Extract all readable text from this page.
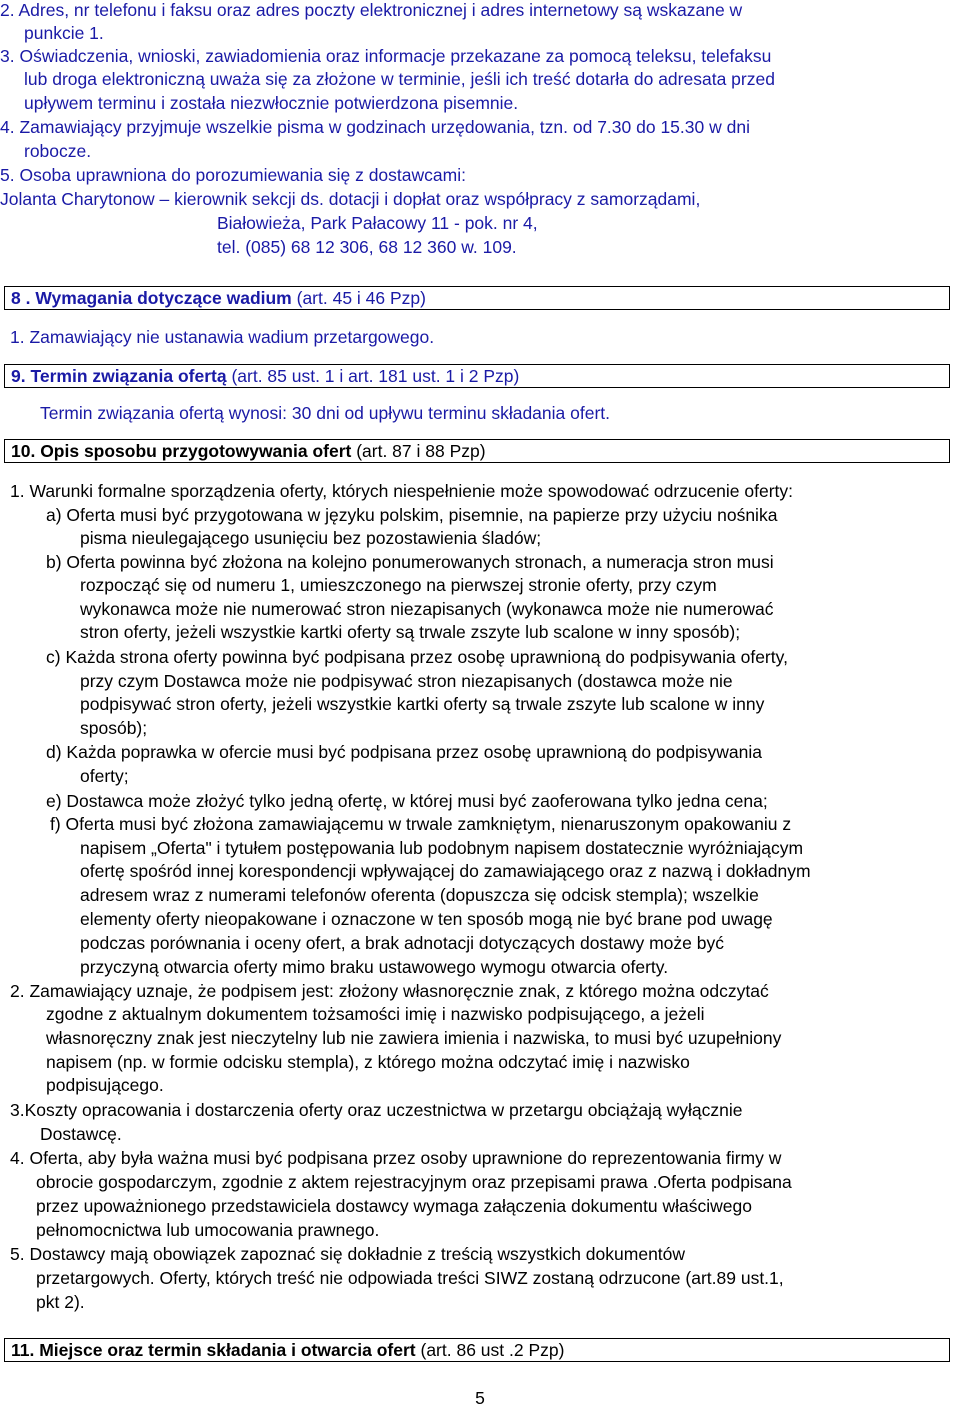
2. Adres, nr telefonu i faksu oraz adres poczty elektronicznej i adres internetowy są wskazane w
punkcie 1.
3. Oświadczenia, wnioski, zawiadomienia oraz informacje przekazane za pomocą teleksu, telefaksu
lub droga elektroniczną uważa się za złożone w terminie, jeśli ich treść dotarła do adresata przed
upływem terminu i została niezwłocznie potwierdzona pisemnie.
4. Zamawiający przyjmuje wszelkie pisma w godzinach urzędowania, tzn. od 7.30 do 15.30 w dni
robocze.
5. Osoba uprawniona do porozumiewania się z dostawcami:
Jolanta Charytonow – kierownik sekcji ds. dotacji i dopłat oraz współpracy z samorządami,
Białowieża, Park Pałacowy 11 - pok. nr 4,
tel. (085) 68 12 306, 68 12 360 w. 109.
8 . Wymagania dotyczące wadium (art. 45 i 46 Pzp)
1. Zamawiający nie ustanawia wadium przetargowego.
9. Termin związania ofertą (art. 85 ust. 1 i art. 181 ust. 1 i 2 Pzp)
Termin związania ofertą wynosi: 30 dni od upływu terminu składania ofert.
10. Opis sposobu przygotowywania ofert (art. 87 i 88 Pzp)
1. Warunki formalne sporządzenia oferty, których niespełnienie może spowodować odrzucenie oferty:
a) Oferta musi być przygotowana w języku polskim, pisemnie, na papierze przy użyciu nośnika
pisma nieulegającego usunięciu bez pozostawienia śladów;
b) Oferta powinna być złożona na kolejno ponumerowanych stronach, a numeracja stron musi
rozpocząć się od numeru 1, umieszczonego na pierwszej stronie oferty, przy czym
wykonawca może nie numerować stron niezapisanych (wykonawca może nie numerować
stron oferty, jeżeli wszystkie kartki oferty są trwale zszyte lub scalone w inny sposób);
c) Każda strona oferty powinna być podpisana przez osobę uprawnioną do podpisywania oferty,
przy czym Dostawca może nie podpisywać stron niezapisanych (dostawca może nie
podpisywać stron oferty, jeżeli wszystkie kartki oferty są trwale zszyte lub scalone w inny
sposób);
d) Każda poprawka w ofercie musi być podpisana przez osobę uprawnioną do podpisywania
oferty;
e) Dostawca może złożyć tylko jedną ofertę, w której musi być zaoferowana tylko jedna cena;
f) Oferta musi być złożona zamawiającemu w trwale zamkniętym, nienaruszonym opakowaniu z
napisem „Oferta" i tytułem postępowania lub podobnym napisem dostatecznie wyróżniającym
ofertę spośród innej korespondencji wpływającej do zamawiającego oraz z nazwą i dokładnym
adresem wraz z numerami telefonów oferenta (dopuszcza się odcisk stempla); wszelkie
elementy oferty nieopakowane i oznaczone w ten sposób mogą nie być brane pod uwagę
podczas porównania i oceny ofert, a brak adnotacji dotyczących dostawy może być
przyczyną otwarcia oferty mimo braku ustawowego wymogu otwarcia oferty.
2. Zamawiający uznaje, że podpisem jest: złożony własnoręcznie znak, z którego można odczytać
zgodne z aktualnym dokumentem tożsamości imię i nazwisko podpisującego, a jeżeli
własnoręczny znak jest nieczytelny lub nie zawiera imienia i nazwiska, to musi być uzupełniony
napisem (np. w formie odcisku stempla), z którego można odczytać imię i nazwisko
podpisującego.
3.Koszty opracowania i dostarczenia oferty oraz uczestnictwa w przetargu obciążają wyłącznie
Dostawcę.
4. Oferta, aby była ważna musi być podpisana przez osoby uprawnione do reprezentowania firmy w
obrocie gospodarczym, zgodnie z aktem rejestracyjnym oraz przepisami prawa .Oferta podpisana
przez upoważnionego przedstawiciela dostawcy wymaga załączenia dokumentu właściwego
pełnomocnictwa lub umocowania prawnego.
5. Dostawcy mają obowiązek zapoznać się dokładnie z treścią wszystkich dokumentów
przetargowych. Oferty, których treść nie odpowiada treści SIWZ zostaną odrzucone (art.89 ust.1,
pkt 2).
11. Miejsce oraz termin składania i otwarcia ofert (art. 86 ust .2 Pzp)
5
